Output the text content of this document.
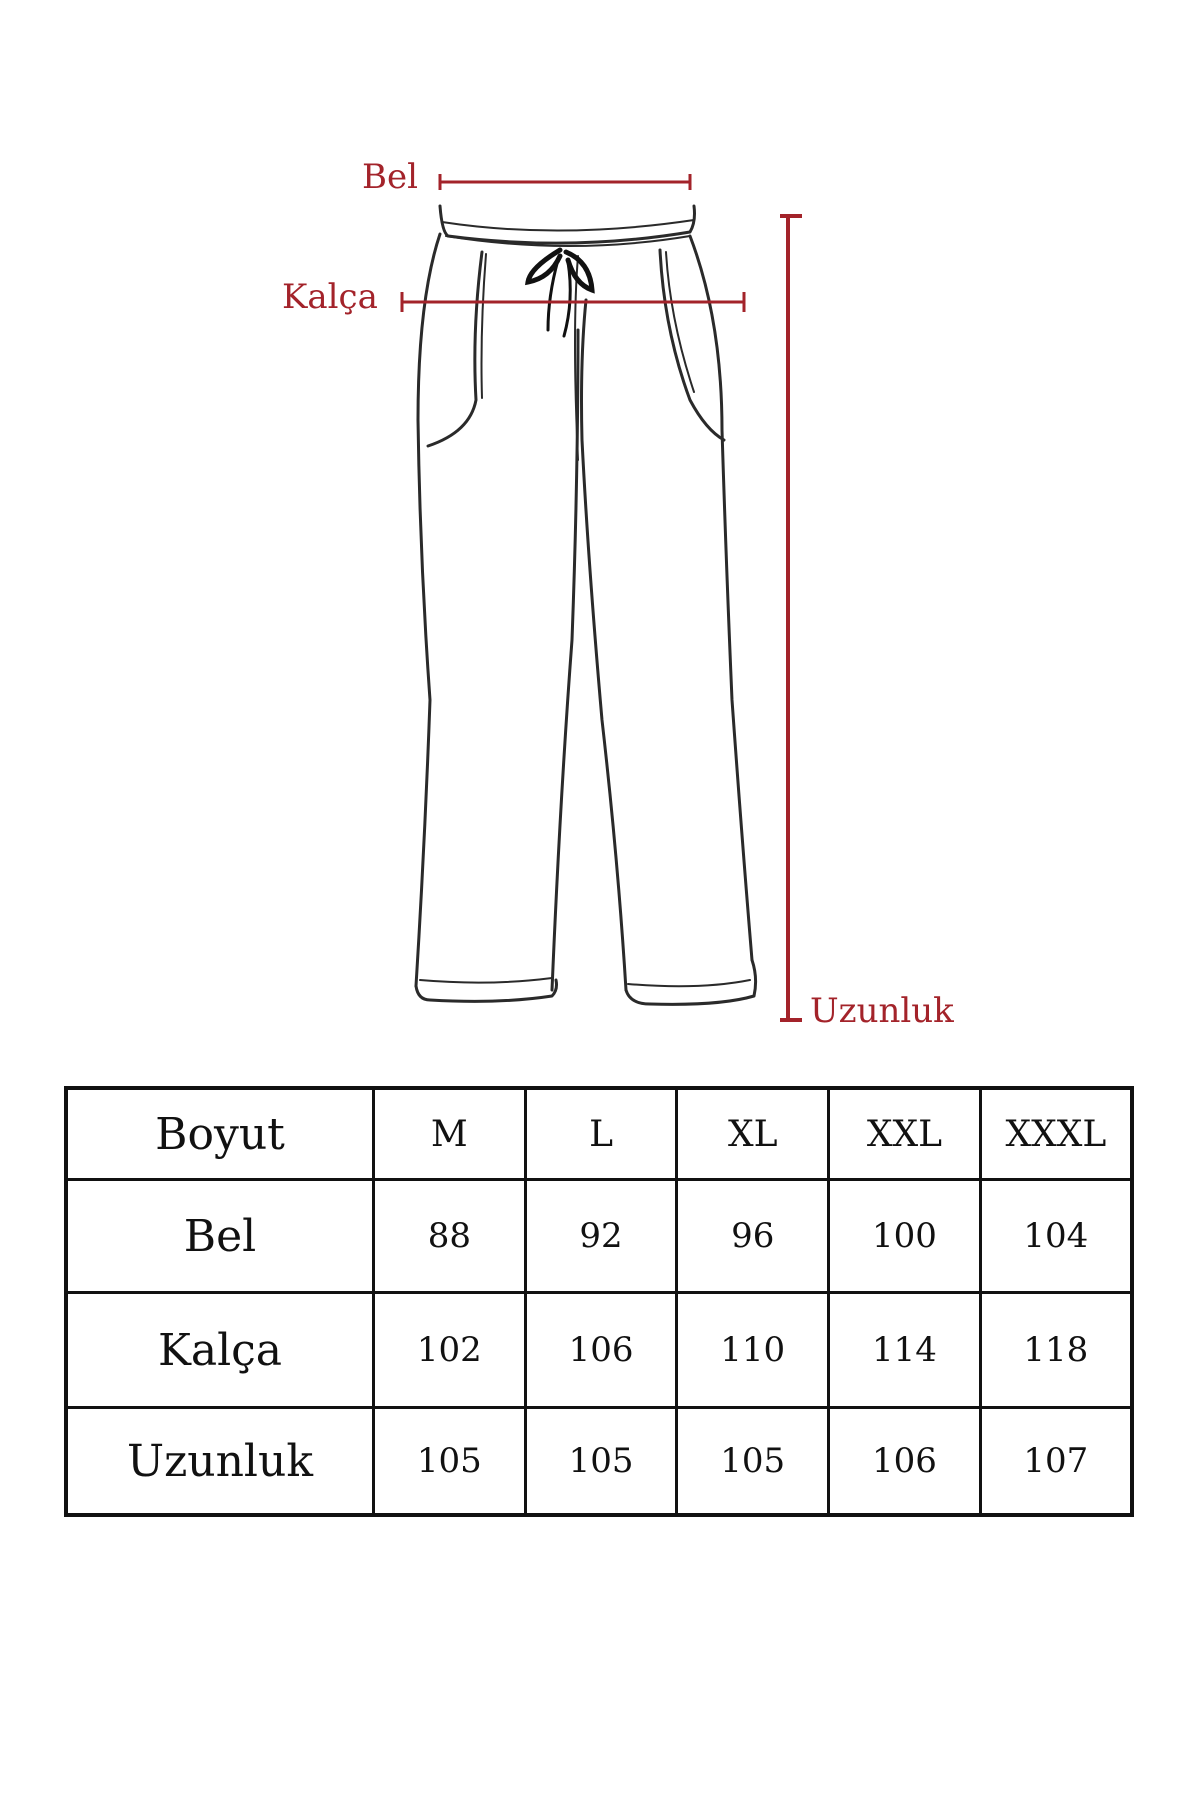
Bel
Kalça
Uzunluk
Boyut	M	L	XL	XXL	XXXL
Bel	88	92	96	100	104
Kalça	102	106	110	114	118
Uzunluk	105	105	105	106	107
